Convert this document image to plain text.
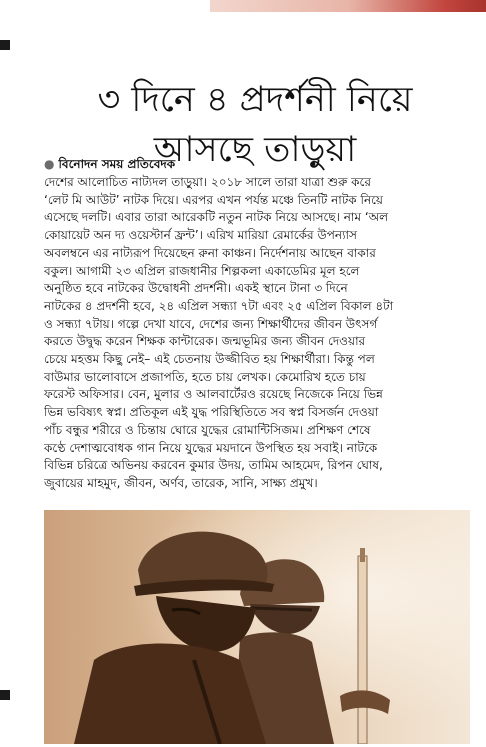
৩ দিনে ৪ প্রদর্শনী নিয়ে
আসছে তাড়ুয়া
● বিনোদন সময় প্রতিবেদক
দেশের আলোচিত নাট্যদল তাড়ুয়া। ২০১৮ সালে তারা যাত্রা শুরু করে
‘লেট মি আউট’ নাটক দিয়ে। এরপর এখন পর্যন্ত মঞ্চে তিনটি নাটক নিয়ে
এসেছে দলটি। এবার তারা আরেকটি নতুন নাটক নিয়ে আসছে। নাম ‘অল
কোয়ায়েট অন দ্য ওয়েস্টার্ন ফ্রন্ট’। এরিখ মারিয়া রেমার্কের উপন্যাস
অবলম্বনে এর নাট্যরূপ দিয়েছেন রুনা কাঞ্চন। নির্দেশনায় আছেন বাকার
বকুল। আগামী ২৩ এপ্রিল রাজধানীর শিল্পকলা একাডেমির মূল হলে
অনুষ্ঠিত হবে নাটকের উদ্বোধনী প্রদর্শনী। একই স্থানে টানা ৩ দিনে
নাটকের ৪ প্রদর্শনী হবে, ২৪ এপ্রিল সন্ধ্যা ৭টা এবং ২৫ এপ্রিল বিকাল ৪টা
ও সন্ধ্যা ৭টায়। গল্পে দেখা যাবে, দেশের জন্য শিক্ষার্থীদের জীবন উৎসর্গ
করতে উদ্বুদ্ধ করেন শিক্ষক কান্টারেক। জন্মভূমির জন্য জীবন দেওয়ার
চেয়ে মহত্তম কিছু নেই– এই চেতনায় উজ্জীবিত হয় শিক্ষার্থীরা। কিন্তু পল
বাউমার ভালোবাসে প্রজাপতি, হতে চায় লেখক। কেমোরিখ হতে চায়
ফরেস্ট অফিসার। বেন, মুলার ও আলবার্টেরও রয়েছে নিজেকে নিয়ে ভিন্ন
ভিন্ন ভবিষ্যৎ স্বপ্ন। প্রতিকূল এই যুদ্ধ পরিস্থিতিতে সব স্বপ্ন বিসর্জন দেওয়া
পাঁচ বন্ধুর শরীরে ও চিন্তায় ঘোরে যুদ্ধের রোমান্টিসিজম। প্রশিক্ষণ শেষে
কণ্ঠে দেশাত্মবোধক গান নিয়ে যুদ্ধের ময়দানে উপস্থিত হয় সবাই। নাটকে
বিভিন্ন চরিত্রে অভিনয় করবেন কুমার উদয়, তামিম আহমেদ, রিপন ঘোষ,
জুবায়ের মাহমুদ, জীবন, অর্ণব, তারেক, সানি, সাক্ষ্য প্রমুখ।
